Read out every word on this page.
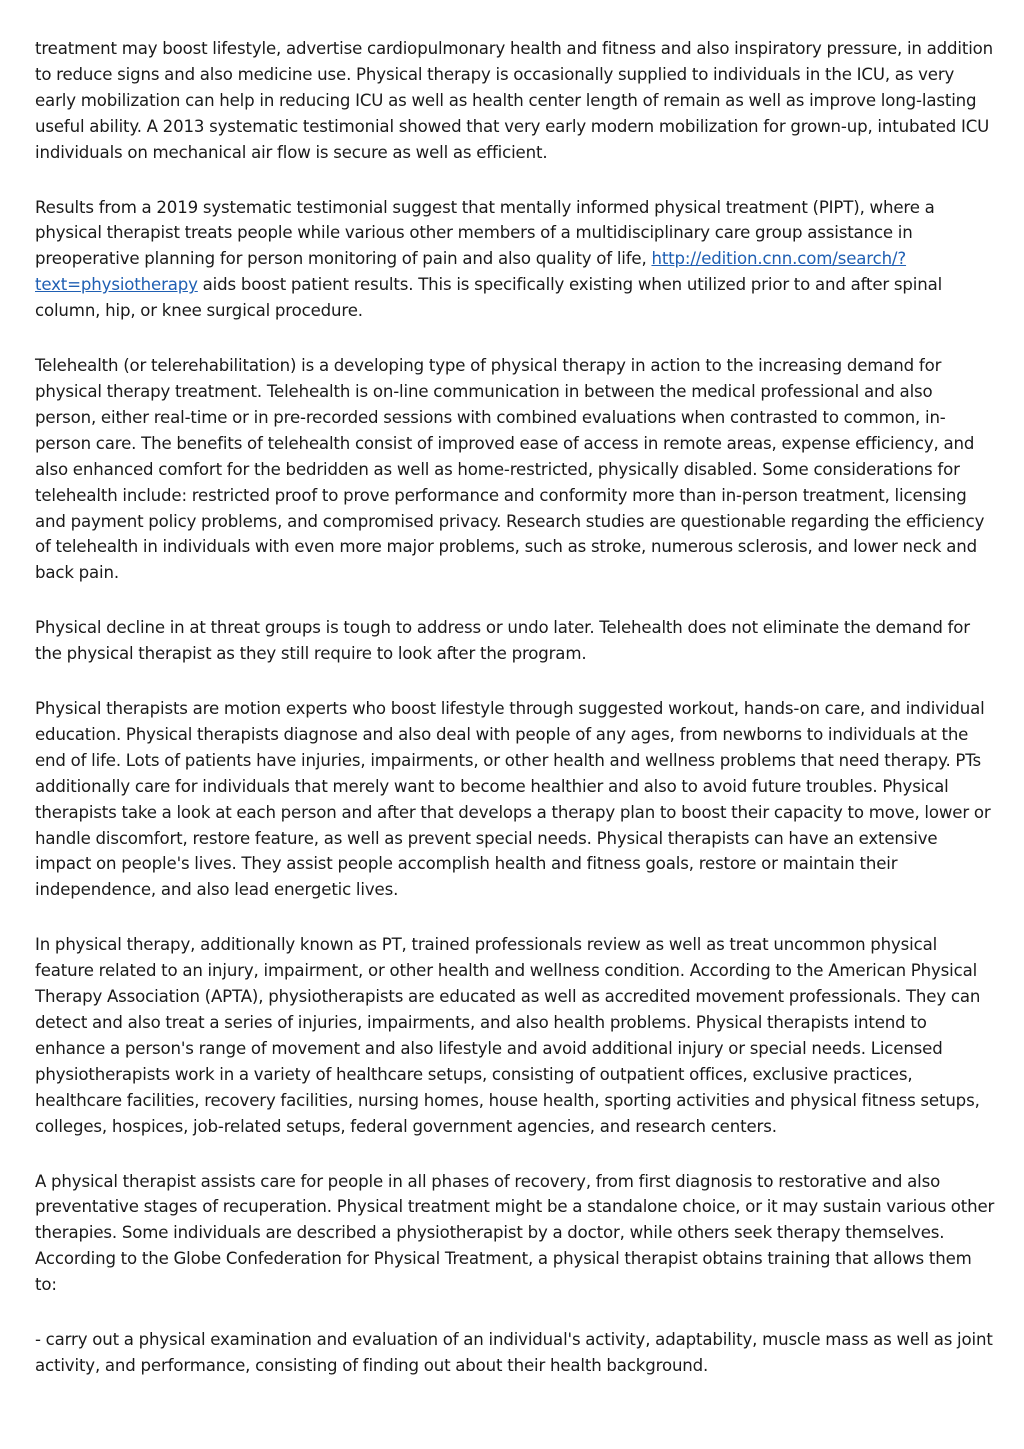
treatment may boost lifestyle, advertise cardiopulmonary health and fitness and also inspiratory pressure, in addition to reduce signs and also medicine use. Physical therapy is occasionally supplied to individuals in the ICU, as very early mobilization can help in reducing ICU as well as health center length of remain as well as improve long-lasting useful ability. A 2013 systematic testimonial showed that very early modern mobilization for grown-up, intubated ICU individuals on mechanical air flow is secure as well as efficient.

Results from a 2019 systematic testimonial suggest that mentally informed physical treatment (PIPT), where a physical therapist treats people while various other members of a multidisciplinary care group assistance in preoperative planning for person monitoring of pain and also quality of life, http://edition.cnn.com/search/?text=physiotherapy aids boost patient results. This is specifically existing when utilized prior to and after spinal column, hip, or knee surgical procedure.

Telehealth (or telerehabilitation) is a developing type of physical therapy in action to the increasing demand for physical therapy treatment. Telehealth is on-line communication in between the medical professional and also person, either real-time or in pre-recorded sessions with combined evaluations when contrasted to common, in-person care. The benefits of telehealth consist of improved ease of access in remote areas, expense efficiency, and also enhanced comfort for the bedridden as well as home-restricted, physically disabled. Some considerations for telehealth include: restricted proof to prove performance and conformity more than in-person treatment, licensing and payment policy problems, and compromised privacy. Research studies are questionable regarding the efficiency of telehealth in individuals with even more major problems, such as stroke, numerous sclerosis, and lower neck and back pain.

Physical decline in at threat groups is tough to address or undo later. Telehealth does not eliminate the demand for the physical therapist as they still require to look after the program.

Physical therapists are motion experts who boost lifestyle through suggested workout, hands-on care, and individual education. Physical therapists diagnose and also deal with people of any ages, from newborns to individuals at the end of life. Lots of patients have injuries, impairments, or other health and wellness problems that need therapy. PTs additionally care for individuals that merely want to become healthier and also to avoid future troubles. Physical therapists take a look at each person and after that develops a therapy plan to boost their capacity to move, lower or handle discomfort, restore feature, as well as prevent special needs. Physical therapists can have an extensive impact on people's lives. They assist people accomplish health and fitness goals, restore or maintain their independence, and also lead energetic lives.

In physical therapy, additionally known as PT, trained professionals review as well as treat uncommon physical feature related to an injury, impairment, or other health and wellness condition. According to the American Physical Therapy Association (APTA), physiotherapists are educated as well as accredited movement professionals. They can detect and also treat a series of injuries, impairments, and also health problems. Physical therapists intend to enhance a person's range of movement and also lifestyle and avoid additional injury or special needs. Licensed physiotherapists work in a variety of healthcare setups, consisting of outpatient offices, exclusive practices, healthcare facilities, recovery facilities, nursing homes, house health, sporting activities and physical fitness setups, colleges, hospices, job-related setups, federal government agencies, and research centers.

A physical therapist assists care for people in all phases of recovery, from first diagnosis to restorative and also preventative stages of recuperation. Physical treatment might be a standalone choice, or it may sustain various other therapies. Some individuals are described a physiotherapist by a doctor, while others seek therapy themselves. According to the Globe Confederation for Physical Treatment, a physical therapist obtains training that allows them to:

- carry out a physical examination and evaluation of an individual's activity, adaptability, muscle mass as well as joint activity, and performance, consisting of finding out about their health background.
